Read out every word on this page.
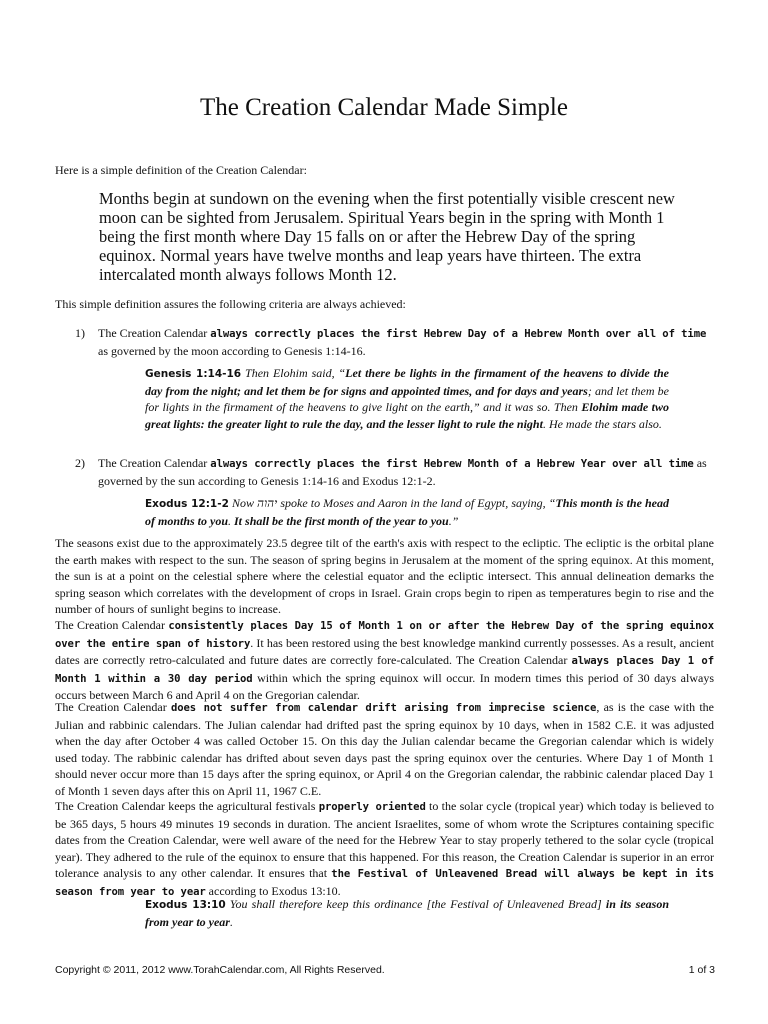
The Creation Calendar Made Simple

Here is a simple definition of the Creation Calendar:

Months begin at sundown on the evening when the first potentially visible crescent new moon can be sighted from Jerusalem. Spiritual Years begin in the spring with Month 1 being the first month where Day 15 falls on or after the Hebrew Day of the spring equinox. Normal years have twelve months and leap years have thirteen. The extra intercalated month always follows Month 12.

This simple definition assures the following criteria are always achieved:

1) The Creation Calendar always correctly places the first Hebrew Day of a Hebrew Month over all of time as governed by the moon according to Genesis 1:14-16.

Genesis 1:14-16 Then Elohim said, “Let there be lights in the firmament of the heavens to divide the day from the night; and let them be for signs and appointed times, and for days and years; and let them be for lights in the firmament of the heavens to give light on the earth,” and it was so. Then Elohim made two great lights: the greater light to rule the day, and the lesser light to rule the night. He made the stars also.

2) The Creation Calendar always correctly places the first Hebrew Month of a Hebrew Year over all time as governed by the sun according to Genesis 1:14-16 and Exodus 12:1-2.

Exodus 12:1-2 Now יהוה spoke to Moses and Aaron in the land of Egypt, saying, “This month is the head of months to you. It shall be the first month of the year to you.”

The seasons exist due to the approximately 23.5 degree tilt of the earth's axis with respect to the ecliptic. The ecliptic is the orbital plane the earth makes with respect to the sun. The season of spring begins in Jerusalem at the moment of the spring equinox. At this moment, the sun is at a point on the celestial sphere where the celestial equator and the ecliptic intersect. This annual delineation demarks the spring season which correlates with the development of crops in Israel. Grain crops begin to ripen as temperatures begin to rise and the number of hours of sunlight begins to increase.

The Creation Calendar consistently places Day 15 of Month 1 on or after the Hebrew Day of the spring equinox over the entire span of history. It has been restored using the best knowledge mankind currently possesses. As a result, ancient dates are correctly retro-calculated and future dates are correctly fore-calculated. The Creation Calendar always places Day 1 of Month 1 within a 30 day period within which the spring equinox will occur. In modern times this period of 30 days always occurs between March 6 and April 4 on the Gregorian calendar.

The Creation Calendar does not suffer from calendar drift arising from imprecise science, as is the case with the Julian and rabbinic calendars. The Julian calendar had drifted past the spring equinox by 10 days, when in 1582 C.E. it was adjusted when the day after October 4 was called October 15. On this day the Julian calendar became the Gregorian calendar which is widely used today. The rabbinic calendar has drifted about seven days past the spring equinox over the centuries. Where Day 1 of Month 1 should never occur more than 15 days after the spring equinox, or April 4 on the Gregorian calendar, the rabbinic calendar placed Day 1 of Month 1 seven days after this on April 11, 1967 C.E.

The Creation Calendar keeps the agricultural festivals properly oriented to the solar cycle (tropical year) which today is believed to be 365 days, 5 hours 49 minutes 19 seconds in duration. The ancient Israelites, some of whom wrote the Scriptures containing specific dates from the Creation Calendar, were well aware of the need for the Hebrew Year to stay properly tethered to the solar cycle (tropical year). They adhered to the rule of the equinox to ensure that this happened. For this reason, the Creation Calendar is superior in an error tolerance analysis to any other calendar. It ensures that the Festival of Unleavened Bread will always be kept in its season from year to year according to Exodus 13:10.

Exodus 13:10 You shall therefore keep this ordinance [the Festival of Unleavened Bread] in its season from year to year.

Copyright © 2011, 2012 www.TorahCalendar.com, All Rights Reserved.	1 of 3
